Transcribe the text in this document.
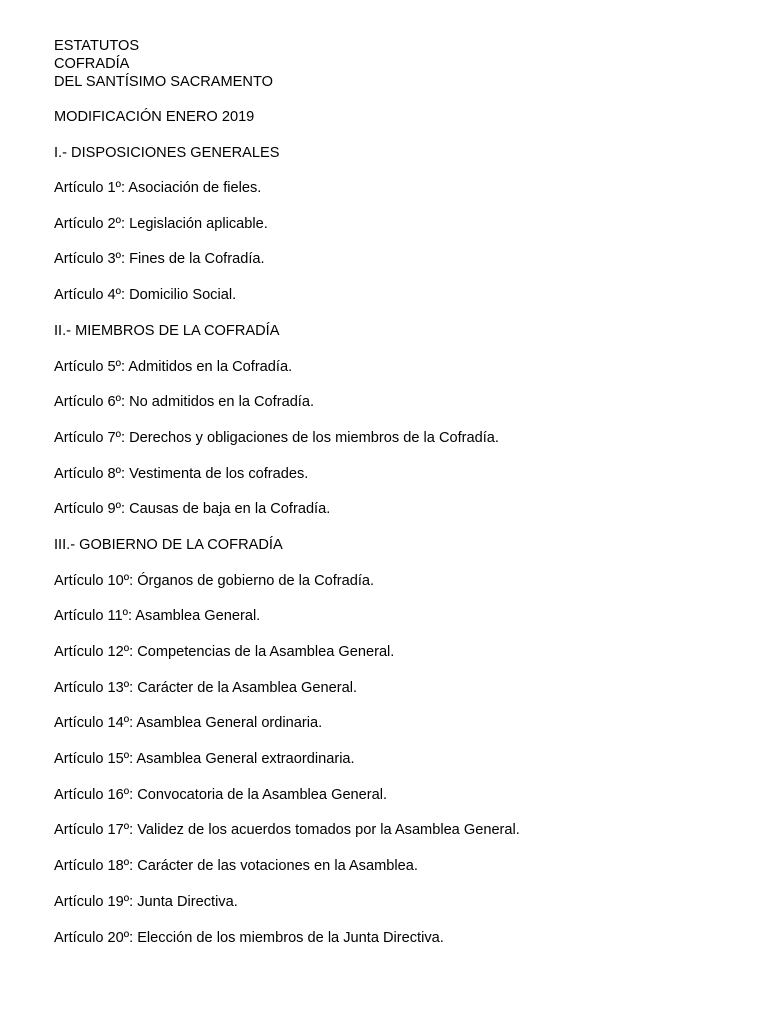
ESTATUTOS
COFRADÍA
DEL SANTÍSIMO SACRAMENTO
MODIFICACIÓN ENERO 2019
I.- DISPOSICIONES GENERALES
Artículo 1º: Asociación de fieles.
Artículo 2º: Legislación aplicable.
Artículo 3º: Fines de la Cofradía.
Artículo 4º: Domicilio Social.
II.- MIEMBROS DE LA COFRADÍA
Artículo 5º: Admitidos en la Cofradía.
Artículo 6º: No admitidos en la Cofradía.
Artículo 7º: Derechos y obligaciones de los miembros de la Cofradía.
Artículo 8º: Vestimenta de los cofrades.
Artículo 9º: Causas de baja en la Cofradía.
III.- GOBIERNO DE LA COFRADÍA
Artículo 10º: Órganos de gobierno de la Cofradía.
Artículo 11º: Asamblea General.
Artículo 12º: Competencias de la Asamblea General.
Artículo 13º: Carácter de la Asamblea General.
Artículo 14º: Asamblea General ordinaria.
Artículo 15º: Asamblea General extraordinaria.
Artículo 16º: Convocatoria de la Asamblea General.
Artículo 17º: Validez de los acuerdos tomados por la Asamblea General.
Artículo 18º: Carácter de las votaciones en la Asamblea.
Artículo 19º: Junta Directiva.
Artículo 20º: Elección de los miembros de la Junta Directiva.
